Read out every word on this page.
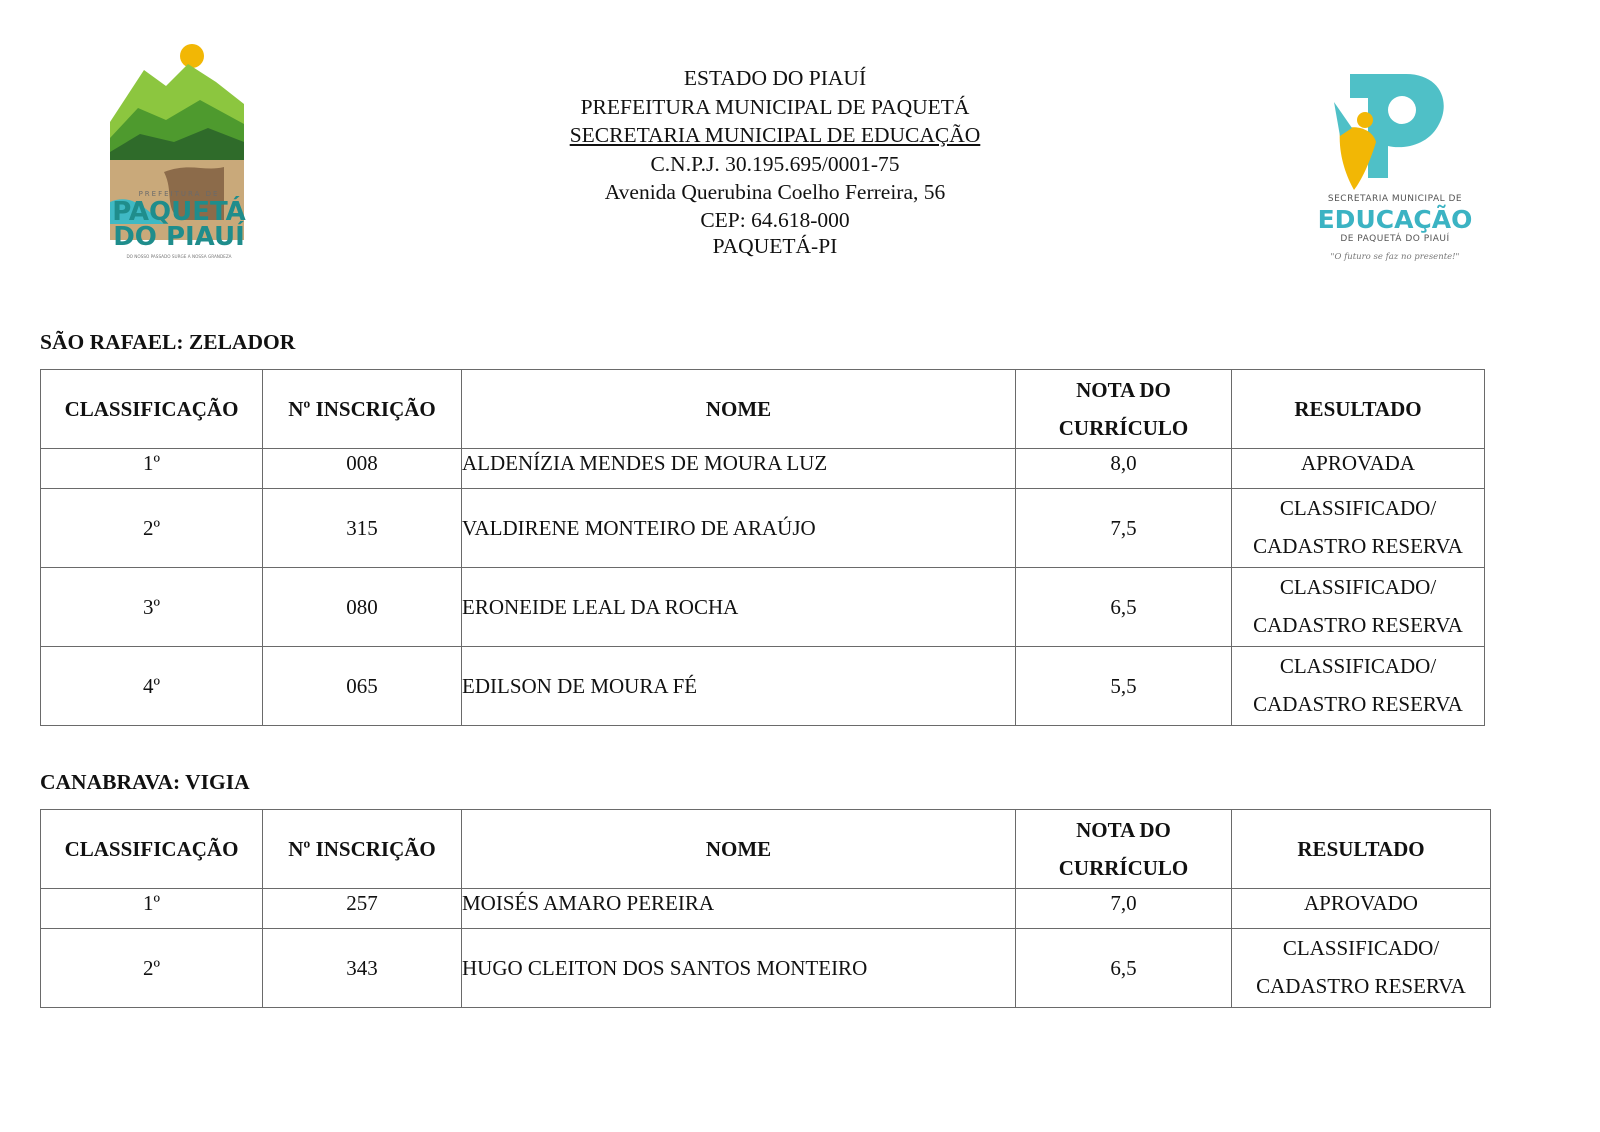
PREFEITURA DE
PAQUETÁ
DO PIAUÍ
DO NOSSO PASSADO SURGE A NOSSA GRANDEZA
ESTADO DO PIAUÍ
PREFEITURA MUNICIPAL DE PAQUETÁ
SECRETARIA MUNICIPAL DE EDUCAÇÃO
C.N.P.J. 30.195.695/0001-75
Avenida Querubina Coelho Ferreira, 56
CEP: 64.618-000
PAQUETÁ-PI
SECRETARIA MUNICIPAL DE
EDUCAÇÃO
DE PAQUETÁ DO PIAUÍ
"O futuro se faz no presente!"
SÃO RAFAEL: ZELADOR
CLASSIFICAÇÃO	Nº INSCRIÇÃO	NOME	NOTA DO
CURRÍCULO	RESULTADO
1º	008	ALDENÍZIA MENDES DE MOURA LUZ	8,0	APROVADA

2º	315	VALDIRENE MONTEIRO DE ARAÚJO	7,5	CLASSIFICADO/
CADASTRO RESERVA

3º	080	ERONEIDE LEAL DA ROCHA	6,5	CLASSIFICADO/
CADASTRO RESERVA

4º	065	EDILSON DE MOURA FÉ	5,5	CLASSIFICADO/
CADASTRO RESERVA
CANABRAVA: VIGIA
CLASSIFICAÇÃO	Nº INSCRIÇÃO	NOME	NOTA DO
CURRÍCULO	RESULTADO
1º	257	MOISÉS AMARO PEREIRA	7,0	APROVADO

2º	343	HUGO CLEITON DOS SANTOS MONTEIRO	6,5	CLASSIFICADO/
CADASTRO RESERVA
